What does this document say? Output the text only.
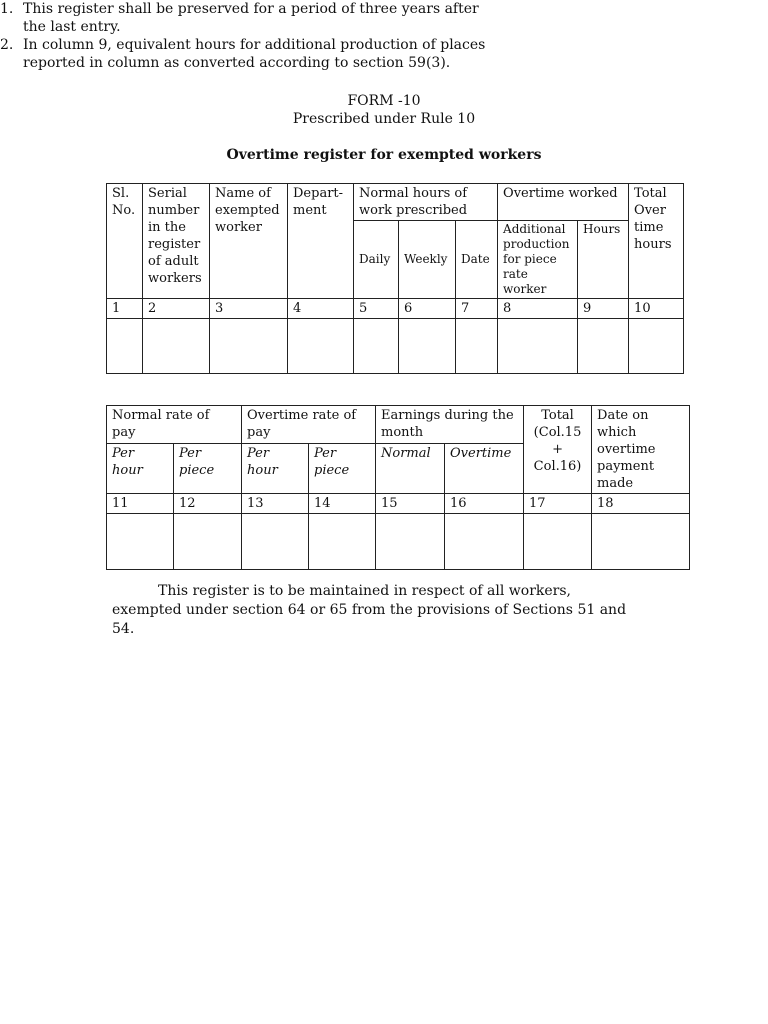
FORM -10
Prescribed under Rule 10
Overtime register for exempted workers
Sl. No.	Serial number in the register of adult workers	Name of exempted worker	Depart- ment	Normal hours of work prescribed			Overtime worked		Total Over time hours
				Daily	Weekly	Date	Additional production for piece rate worker	Hours	
1	2	3	4	5	6	7	8	9	10

Normal rate of pay		Overtime rate of pay		Earnings during the month		Total (Col.15 + Col.16)	Date on which overtime payment made
Per hour	Per piece	Per hour	Per piece	Normal	Overtime		
11	12	13	14	15	16	17	18

This register is to be maintained in respect of all workers, exempted under section 64 or 65 from the provisions of Sections 51 and 54.
1. This register shall be preserved for a period of three years after the last entry.
2. In column 9, equivalent hours for additional production of places reported in column as converted according to section 59(3).
